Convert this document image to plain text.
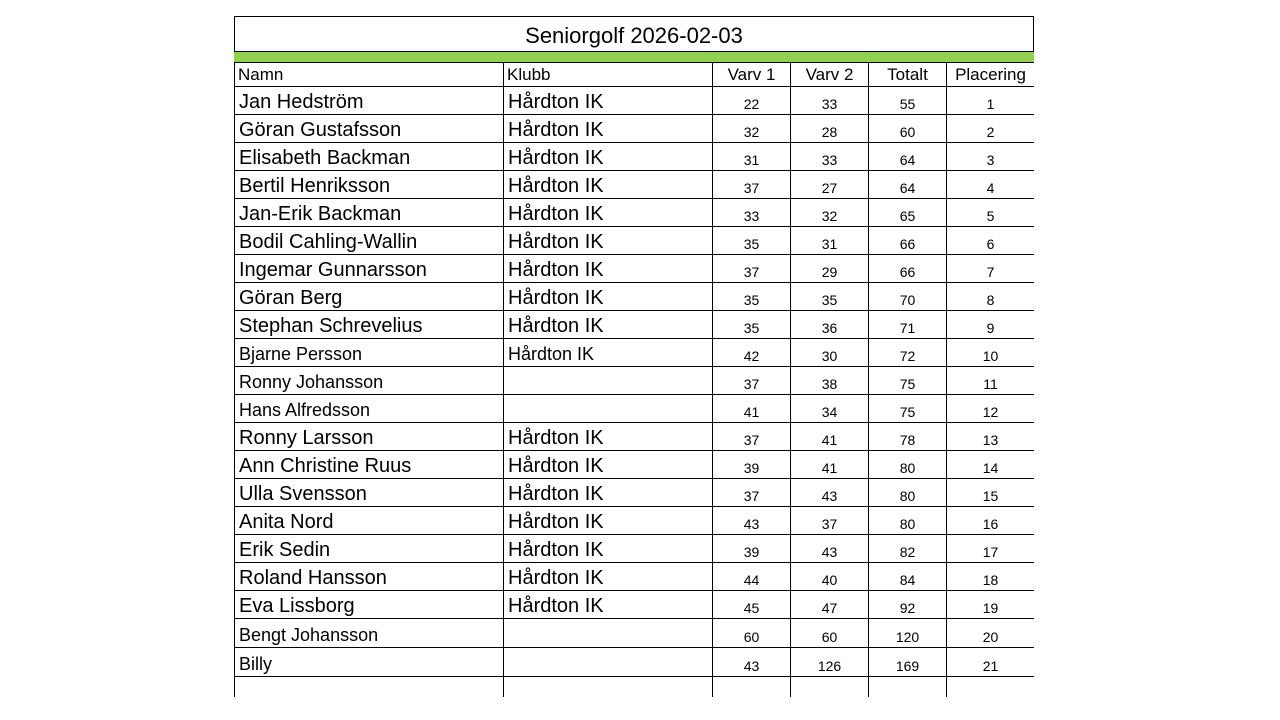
Seniorgolf 2026-02-03
Namn	Klubb	Varv 1	Varv 2	Totalt	Placering
Jan Hedström	Hårdton IK	22	33	55	1
Göran Gustafsson	Hårdton IK	32	28	60	2
Elisabeth Backman	Hårdton IK	31	33	64	3
Bertil Henriksson	Hårdton IK	37	27	64	4
Jan-Erik Backman	Hårdton IK	33	32	65	5
Bodil Cahling-Wallin	Hårdton IK	35	31	66	6
Ingemar Gunnarsson	Hårdton IK	37	29	66	7
Göran Berg	Hårdton IK	35	35	70	8
Stephan Schrevelius	Hårdton IK	35	36	71	9
Bjarne Persson	Hårdton IK	42	30	72	10
Ronny Johansson		37	38	75	11
Hans Alfredsson		41	34	75	12
Ronny Larsson	Hårdton IK	37	41	78	13
Ann Christine Ruus	Hårdton IK	39	41	80	14
Ulla Svensson	Hårdton IK	37	43	80	15
Anita Nord	Hårdton IK	43	37	80	16
Erik Sedin	Hårdton IK	39	43	82	17
Roland Hansson	Hårdton IK	44	40	84	18
Eva Lissborg	Hårdton IK	45	47	92	19
Bengt Johansson		60	60	120	20
Billy		43	126	169	21
